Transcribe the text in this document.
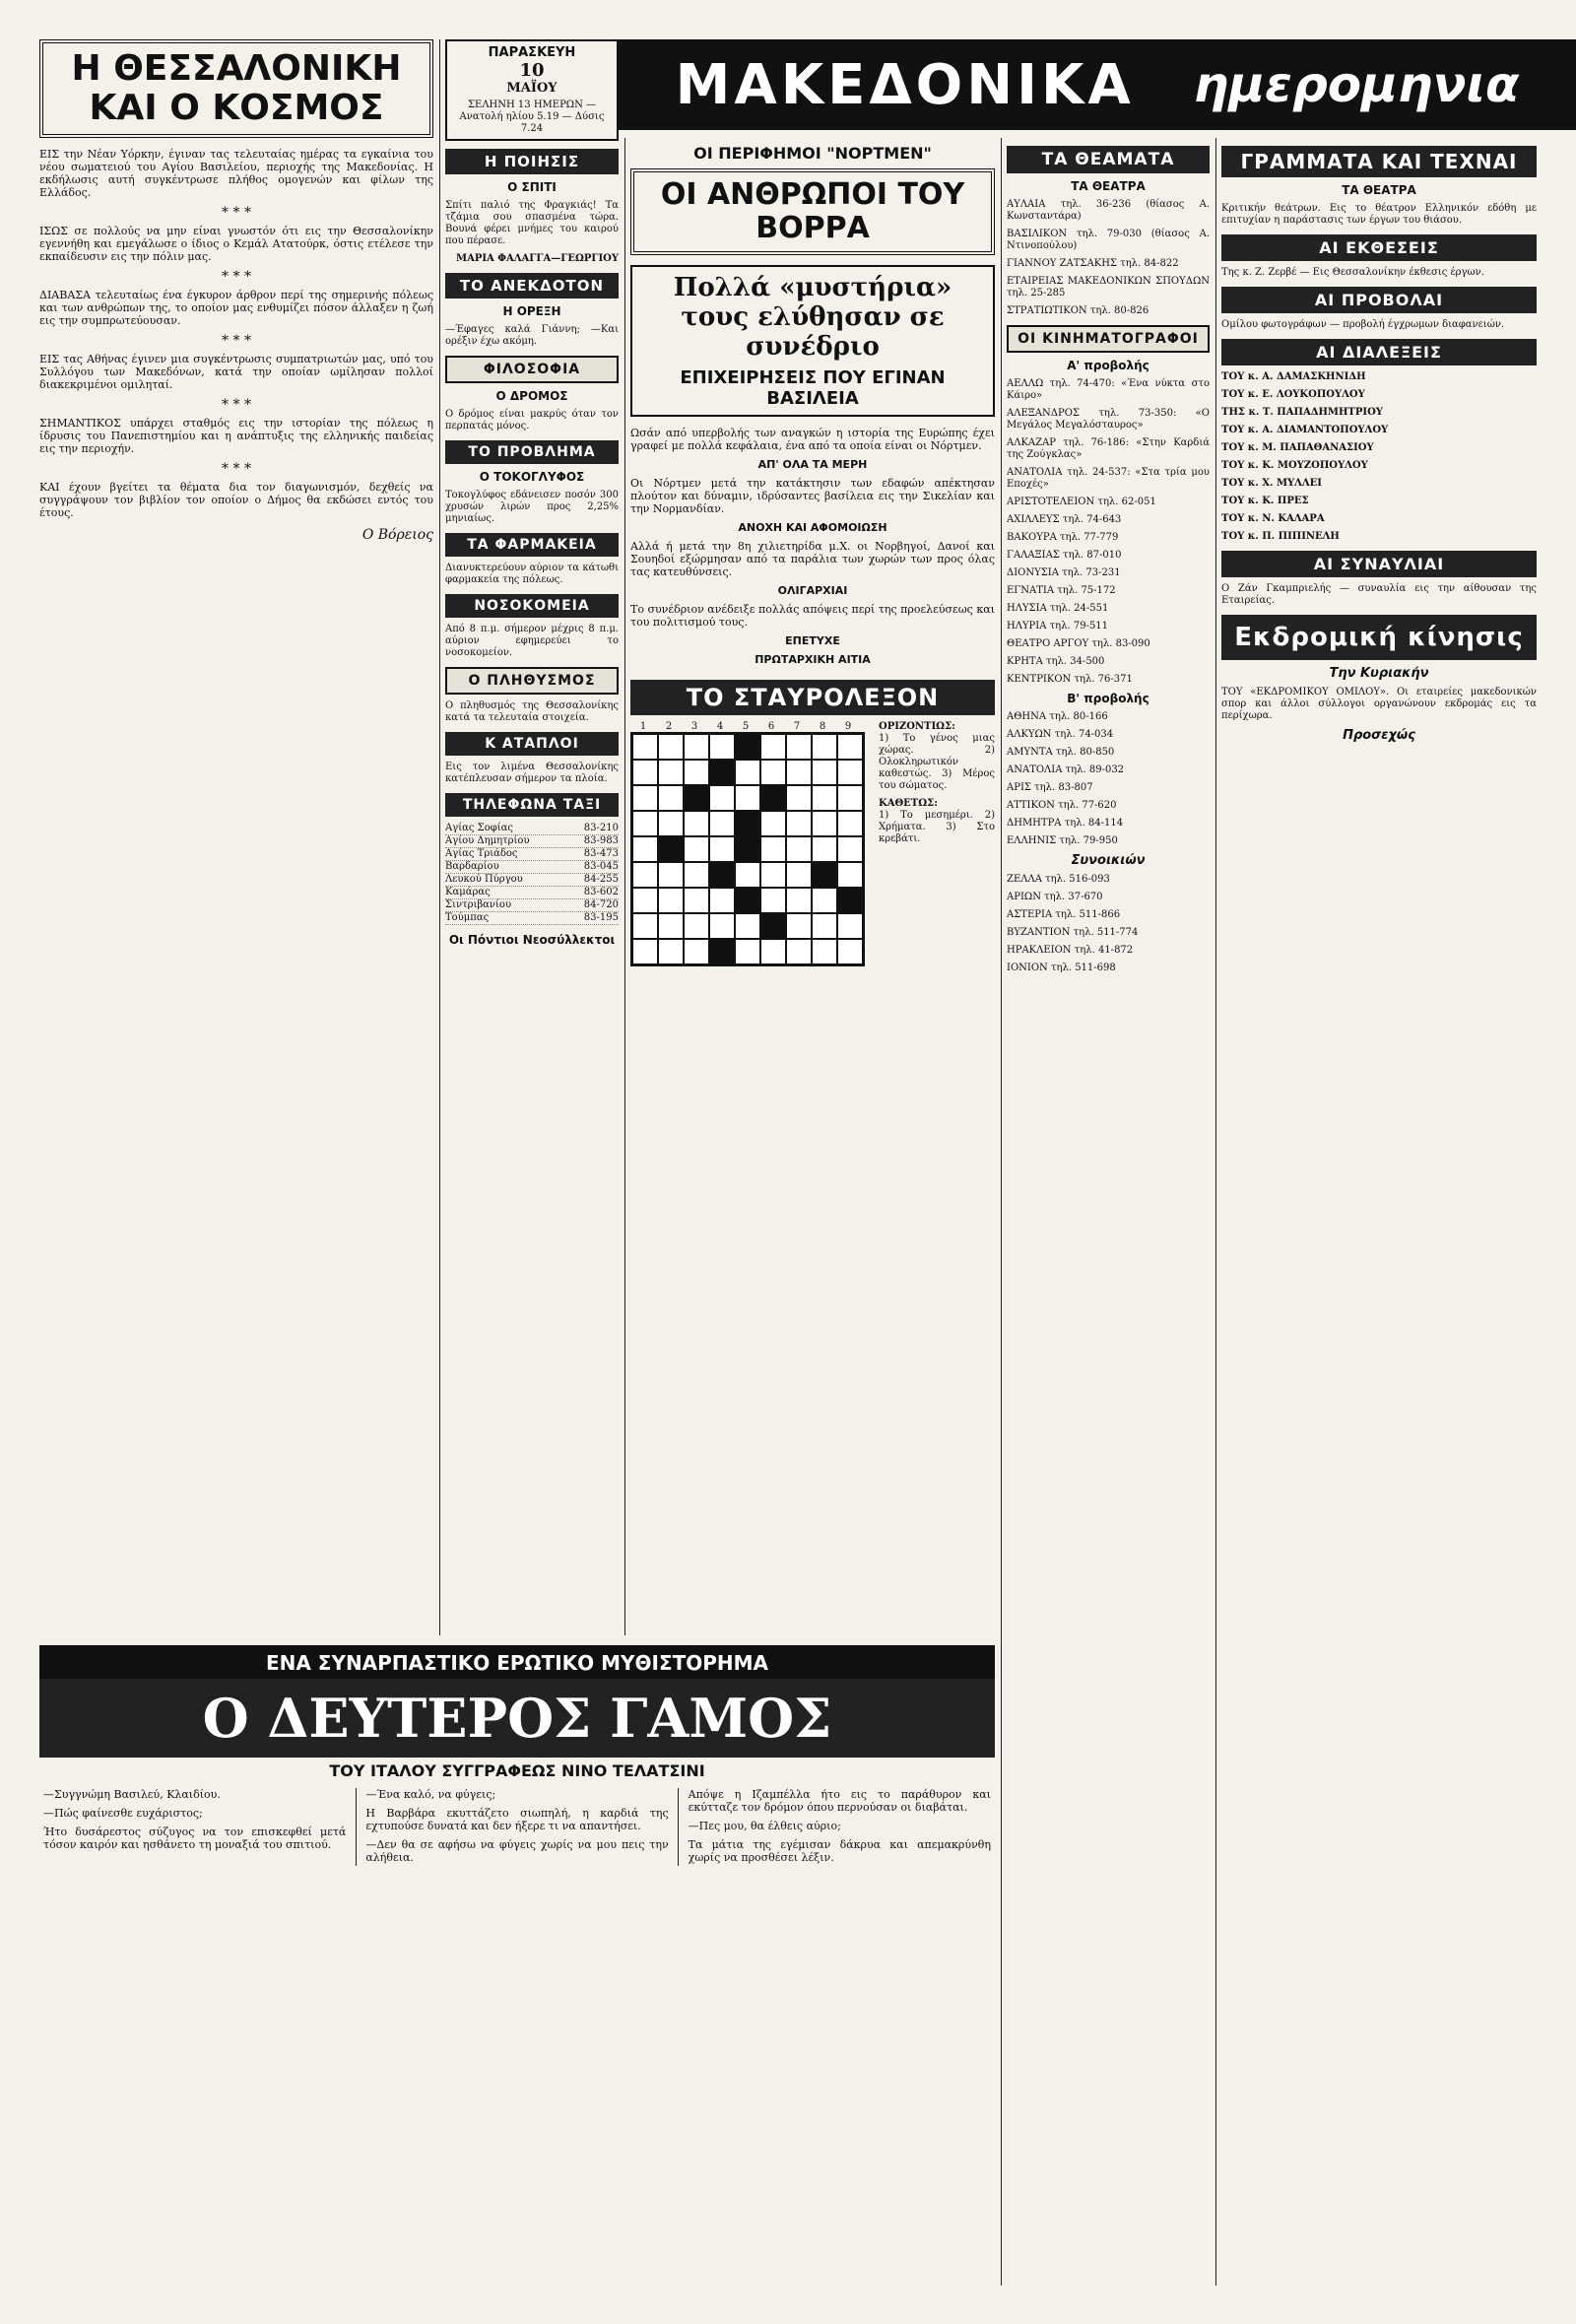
Η ΘΕΣΣΑΛΟΝΙΚΗ
ΚΑΙ Ο ΚΟΣΜΟΣ

ΕΙΣ την Νέαν Υόρκην, έγιναν τας τελευταίας ημέρας τα εγκαίνια του νέου σωματειού του Αγίου Βασιλείου, περιοχής της Μακεδονίας. Η εκδήλωσις αυτή συγκέντρωσε πλήθος ομογενών και φίλων της Ελλάδος.

* * *

ΙΣΩΣ σε πολλούς να μην είναι γνωστόν ότι εις την Θεσσαλονίκην εγεννήθη και εμεγάλωσε ο ίδιος ο Κεμάλ Ατατούρκ, όστις ετέλεσε την εκπαίδευσιν εις την πόλιν μας.

* * *

ΔΙΑΒΑΣΑ τελευταίως ένα έγκυρον άρθρον περί της σημερινής πόλεως και των ανθρώπων της, το οποίον μας ενθυμίζει πόσον άλλαξεν η ζωή εις την συμπρωτεύουσαν.

* * *

ΕΙΣ τας Αθήνας έγινεν μια συγκέντρωσις συμπατριωτών μας, υπό του Συλλόγου των Μακεδόνων, κατά την οποίαν ωμίλησαν πολλοί διακεκριμένοι ομιληταί.

* * *

ΣΗΜΑΝΤΙΚΟΣ υπάρχει σταθμός εις την ιστορίαν της πόλεως η ίδρυσις του Πανεπιστημίου και η ανάπτυξις της ελληνικής παιδείας εις την περιοχήν.

* * *

ΚΑΙ έχουν βγείτει τα θέματα δια τον διαγωνισμόν, δεχθείς να συγγράψουν τον βιβλίον τον οποίον ο Δήμος θα εκδώσει εντός του έτους.

Ο Βόρειος
ΠΑΡΑΣΚΕΥΗ
10
ΜΑΪΟΥ
ΣΕΛΗΝΗ 13 ΗΜΕΡΩΝ — Ανατολή ηλίου 5.19 — Δύσις 7.24
Η ΠΟΙΗΣΙΣ
Ο ΣΠΙΤΙ

Σπίτι παλιό της Φραγκιάς! Τα τζάμια σου σπασμένα τώρα. Βουνά φέρει μνήμες του καιρού που πέρασε.

ΜΑΡΙΑ ΦΑΛΑΓΓΑ—ΓΕΩΡΓΙΟΥ
ΤΟ ΑΝΕΚΔΟΤΟΝ
Η ΟΡΕΞΗ

—Έφαγες καλά Γιάννη; —Και ορέξιν έχω ακόμη.

ΦΙΛΟΣΟΦΙΑ
Ο ΔΡΟΜΟΣ

Ο δρόμος είναι μακρύς όταν τον περπατάς μόνος.

ΤΟ ΠΡΟΒΛΗΜΑ
Ο ΤΟΚΟΓΛΥΦΟΣ

Τοκογλύφος εδάνεισεν ποσόν 300 χρυσών λιρών προς 2,25% μηνιαίως.

ΤΑ ΦΑΡΜΑΚΕΙΑ

Διανυκτερεύουν αύριον τα κάτωθι φαρμακεία της πόλεως.

ΝΟΣΟΚΟΜΕΙΑ

Από 8 π.μ. σήμερον μέχρις 8 π.μ. αύριον εφημερεύει το νοσοκομείον.

Ο ΠΛΗΘΥΣΜΟΣ

Ο πληθυσμός της Θεσσαλονίκης κατά τα τελευταία στοιχεία.

Κ ΑΤΑΠΛΟΙ

Εις τον λιμένα Θεσσαλονίκης κατέπλευσαν σήμερον τα πλοία.

ΤΗΛΕΦΩΝΑ ΤΑΞΙ
Αγίας Σοφίας	83-210
Αγίου Δημητρίου	83-983
Αγίας Τριάδος	83-473
Βαρδαρίου	83-045
Λευκού Πύργου	84-255
Καμάρας	83-602
Σιντριβανίου	84-720
Τούμπας	83-195
Οι Πόντιοι Νεοσύλλεκτοι
ΜΑΚΕΔΟΝΙΚΑ ημερομηνια
ΟΙ ΠΕΡΙΦΗΜΟΙ "ΝΟΡΤΜΕΝ"
ΟΙ ΑΝΘΡΩΠΟΙ ΤΟΥ ΒΟΡΡΑ
Πολλά «μυστήρια» τους ελύθησαν σε συνέδριο
ΕΠΙΧΕΙΡΗΣΕΙΣ ΠΟΥ ΕΓΙΝΑΝ ΒΑΣΙΛΕΙΑ

Ωσάν από υπερβολής των αναγκών η ιστορία της Ευρώπης έχει γραφεί με πολλά κεφάλαια, ένα από τα οποία είναι οι Νόρτμεν.

ΑΠ' ΟΛΑ ΤΑ ΜΕΡΗ

Οι Νόρτμεν μετά την κατάκτησιν των εδαφών απέκτησαν πλούτον και δύναμιν, ιδρύσαντες βασίλεια εις την Σικελίαν και την Νορμανδίαν.

ΑΝΟΧΗ ΚΑΙ ΑΦΟΜΟΙΩΣΗ

Αλλά ή μετά την 8η χιλιετηρίδα μ.Χ. οι Νορβηγοί, Δανοί και Σουηδοί εξώρμησαν από τα παράλια των χωρών των προς όλας τας κατευθύνσεις.

ΟΛΙΓΑΡΧΙΑΙ

Το συνέδριον ανέδειξε πολλάς απόψεις περί της προελεύσεως και του πολιτισμού τους.

ΕΠΕΤΥΧΕ
ΠΡΩΤΑΡΧΙΚΗ ΑΙΤΙΑ
ΤΟ ΣΤΑΥΡΟΛΕΞΟΝ
1	2	3	4	5	6	7	8	9	ΟΡΙΖΟΝΤΙΩΣ:

1) Το γένος μιας χώρας. 2) Ολοκληρωτικόν καθεστώς. 3) Μέρος του σώματος.

ΚΑΘΕΤΩΣ:

1) Το μεσημέρι. 2) Χρήματα. 3) Στο κρεβάτι.

ΤΑ ΘΕΑΜΑΤΑ
ΤΑ ΘΕΑΤΡΑ

ΑΥΛΑΙΑ τηλ. 36-236 (θίασος Α. Κωνσταντάρα)

ΒΑΣΙΛΙΚΟΝ τηλ. 79-030 (θίασος Α. Ντινοπούλου)

ΓΙΑΝΝΟΥ ΖΑΤΣΑΚΗΣ τηλ. 84-822

ΕΤΑΙΡΕΙΑΣ ΜΑΚΕΔΟΝΙΚΩΝ ΣΠΟΥΔΩΝ τηλ. 25-285

ΣΤΡΑΤΙΩΤΙΚΟΝ τηλ. 80-826

ΟΙ ΚΙΝΗΜΑΤΟΓΡΑΦΟΙ
Α' προβολής

ΑΕΛΛΩ τηλ. 74-470: «Ένα νύκτα στο Κάιρο»

ΑΛΕΞΑΝΔΡΟΣ τηλ. 73-350: «Ο Μεγάλος Μεγαλόσταυρος»

ΑΛΚΑΖΑΡ τηλ. 76-186: «Στην Καρδιά της Ζούγκλας»

ΑΝΑΤΟΛΙΑ τηλ. 24-537: «Στα τρία μου Εποχές»

ΑΡΙΣΤΟΤΕΛΕΙΟΝ τηλ. 62-051

ΑΧΙΛΛΕΥΣ τηλ. 74-643

ΒΑΚΟΥΡΑ τηλ. 77-779

ΓΑΛΑΞΙΑΣ τηλ. 87-010

ΔΙΟΝΥΣΙΑ τηλ. 73-231

ΕΓΝΑΤΙΑ τηλ. 75-172

ΗΛΥΣΙΑ τηλ. 24-551

ΗΛΥΡΙΑ τηλ. 79-511

ΘΕΑΤΡΟ ΑΡΓΟΥ τηλ. 83-090

ΚΡΗΤΑ τηλ. 34-500

ΚΕΝΤΡΙΚΟΝ τηλ. 76-371

Β' προβολής

ΑΘΗΝΑ τηλ. 80-166

ΑΛΚΥΩΝ τηλ. 74-034

ΑΜΥΝΤΑ τηλ. 80-850

ΑΝΑΤΟΛΙΑ τηλ. 89-032

ΑΡΙΣ τηλ. 83-807

ΑΤΤΙΚΟΝ τηλ. 77-620

ΔΗΜΗΤΡΑ τηλ. 84-114

ΕΛΛΗΝΙΣ τηλ. 79-950

Συνοικιών

ΖΕΛΛΑ τηλ. 516-093

ΑΡΙΩΝ τηλ. 37-670

ΑΣΤΕΡΙΑ τηλ. 511-866

ΒΥΖΑΝΤΙΟΝ τηλ. 511-774

ΗΡΑΚΛΕΙΟΝ τηλ. 41-872

ΙΟΝΙΟΝ τηλ. 511-698

ΓΡΑΜΜΑΤΑ ΚΑΙ ΤΕΧΝΑΙ
ΤΑ ΘΕΑΤΡΑ

Κριτικήν θεάτρων. Εις το θέατρον Ελληνικόν εδόθη με επιτυχίαν η παράστασις των έργων του θιάσου.

ΑΙ ΕΚΘΕΣΕΙΣ

Της κ. Ζ. Ζερβέ — Εις Θεσσαλονίκην έκθεσις έργων.

ΑΙ ΠΡΟΒΟΛΑΙ

Ομίλου φωτογράφων — προβολή έγχρωμων διαφανειών.

ΑΙ ΔΙΑΛΕΞΕΙΣ

ΤΟΥ κ. Α. ΔΑΜΑΣΚΗΝΙΔΗ

ΤΟΥ κ. Ε. ΛΟΥΚΟΠΟΥΛΟΥ

ΤΗΣ κ. Τ. ΠΑΠΑΔΗΜΗΤΡΙΟΥ

ΤΟΥ κ. Α. ΔΙΑΜΑΝΤΟΠΟΥΛΟΥ

ΤΟΥ κ. Μ. ΠΑΠΑΘΑΝΑΣΙΟΥ

ΤΟΥ κ. Κ. ΜΟΥΖΟΠΟΥΛΟΥ

ΤΟΥ κ. Χ. ΜΥΛΛΕΙ

ΤΟΥ κ. Κ. ΠΡΕΣ

ΤΟΥ κ. Ν. ΚΑΛΑΡΑ

ΤΟΥ κ. Π. ΠΙΠΙΝΕΛΗ

ΑΙ ΣΥΝΑΥΛΙΑΙ

Ο Ζάν Γκαμπριελής — συναυλία εις την αίθουσαν της Εταιρείας.

Εκδρομική κίνησις
Την Κυριακήν

ΤΟΥ «ΕΚΔΡΟΜΙΚΟΥ ΟΜΙΛΟΥ». Οι εταιρείες μακεδονικών σπορ και άλλοι σύλλογοι οργανώνουν εκδρομάς εις τα περίχωρα.

Προσεχώς
ΕΝΑ ΣΥΝΑΡΠΑΣΤΙΚΟ ΕΡΩΤΙΚΟ ΜΥΘΙΣΤΟΡΗΜΑ
Ο ΔΕΥΤΕΡΟΣ ΓΑΜΟΣ
ΤΟΥ ΙΤΑΛΟΥ ΣΥΓΓΡΑΦΕΩΣ ΝΙΝΟ ΤΕΛΑΤΣΙΝΙ

—Συγγνώμη Βασιλεύ, Κλαιδίου.

—Πώς φαίνεσθε ευχάριστος;

Ήτο δυσάρεστος σύζυγος να τον επισκεφθεί μετά τόσον καιρόν και ησθάνετο τη μοναξιά του σπιτιού.

—Ένα καλό, να φύγεις;

Η Βαρβάρα εκυττάζετο σιωπηλή, η καρδιά της εχτυπούσε δυνατά και δεν ήξερε τι να απαντήσει.

—Δεν θα σε αφήσω να φύγεις χωρίς να μου πεις την αλήθεια.

Απόψε η Ιζαμπέλλα ήτο εις το παράθυρον και εκύτταζε τον δρόμον όπου περνούσαν οι διαβάται.

—Πες μου, θα έλθεις αύριο;

Τα μάτια της εγέμισαν δάκρυα και απεμακρύνθη χωρίς να προσθέσει λέξιν.
